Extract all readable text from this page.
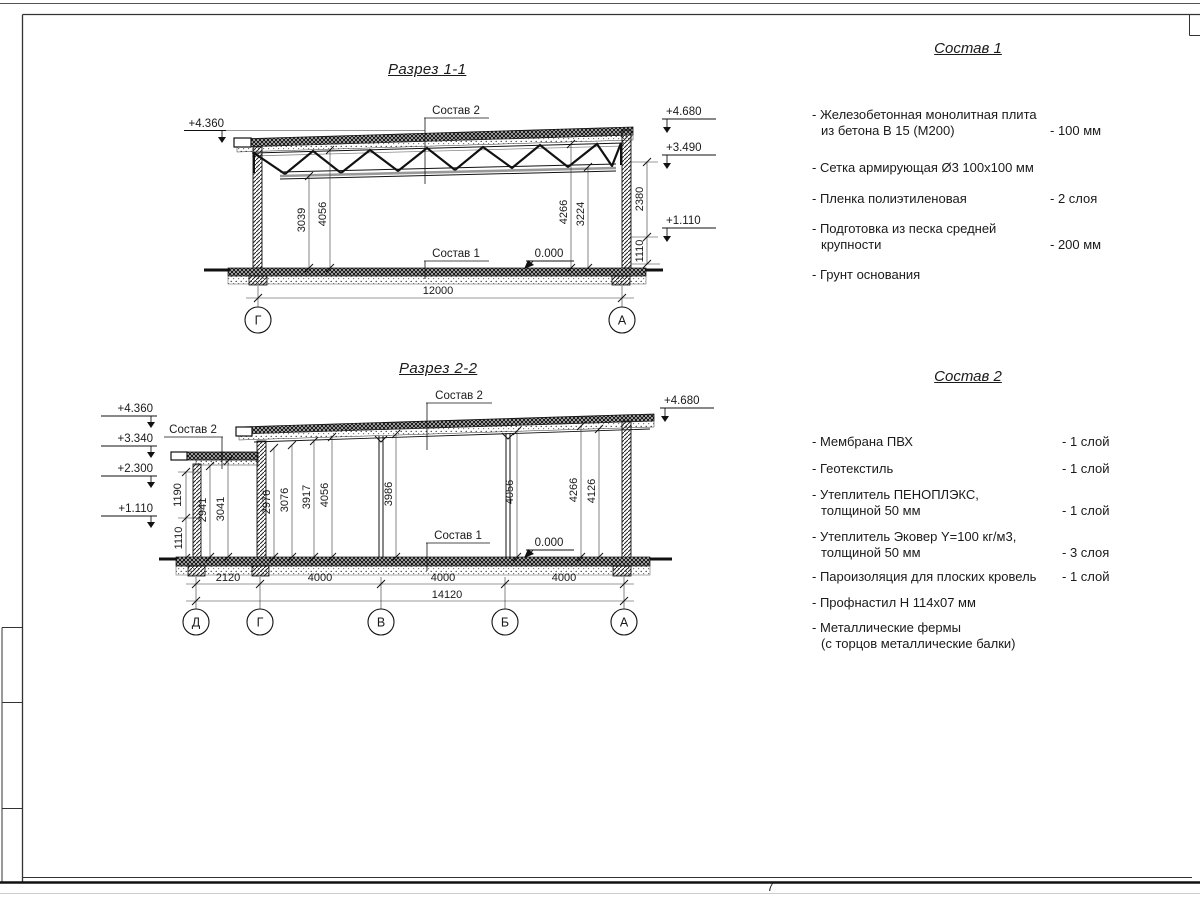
7
3039 4056	4266 3224
2380
1110
+4.360
+4.680
+3.490
+1.110
Состав 2
Состав 1	0.000
12000
Г	А
2941 3041	2976 3076 3917 4056	3986	4056	4266 4126
1190
1110
+4.360
+3.340
+2.300
+1.110
+4.680
Состав 2
Состав 2
Состав 1
0.000
2120	4000	4000	4000
14120
Д	Г	В	Б	А
Разрез 1-1
Разрез 2-2
Состав 1
- Железобетонная монолитная плита
из бетона В 15 (М200)	- 100 мм
- Сетка армирующая Ø3 100х100 мм
- Пленка полиэтиленовая	- 2 слоя
- Подготовка из песка средней
крупности	- 200 мм
- Грунт основания
Состав 2
- Мембрана ПВХ	- 1 слой
- Геотекстиль	- 1 слой
- Утеплитель ПЕНОПЛЭКС,
толщиной 50 мм	- 1 слой
- Утеплитель Эковер Y=100 кг/м3,
толщиной 50 мм	- 3 слоя
- Пароизоляция для плоских кровель	- 1 слой
- Профнастил Н 114х07 мм
- Металлические фермы
(с торцов металлические балки)
